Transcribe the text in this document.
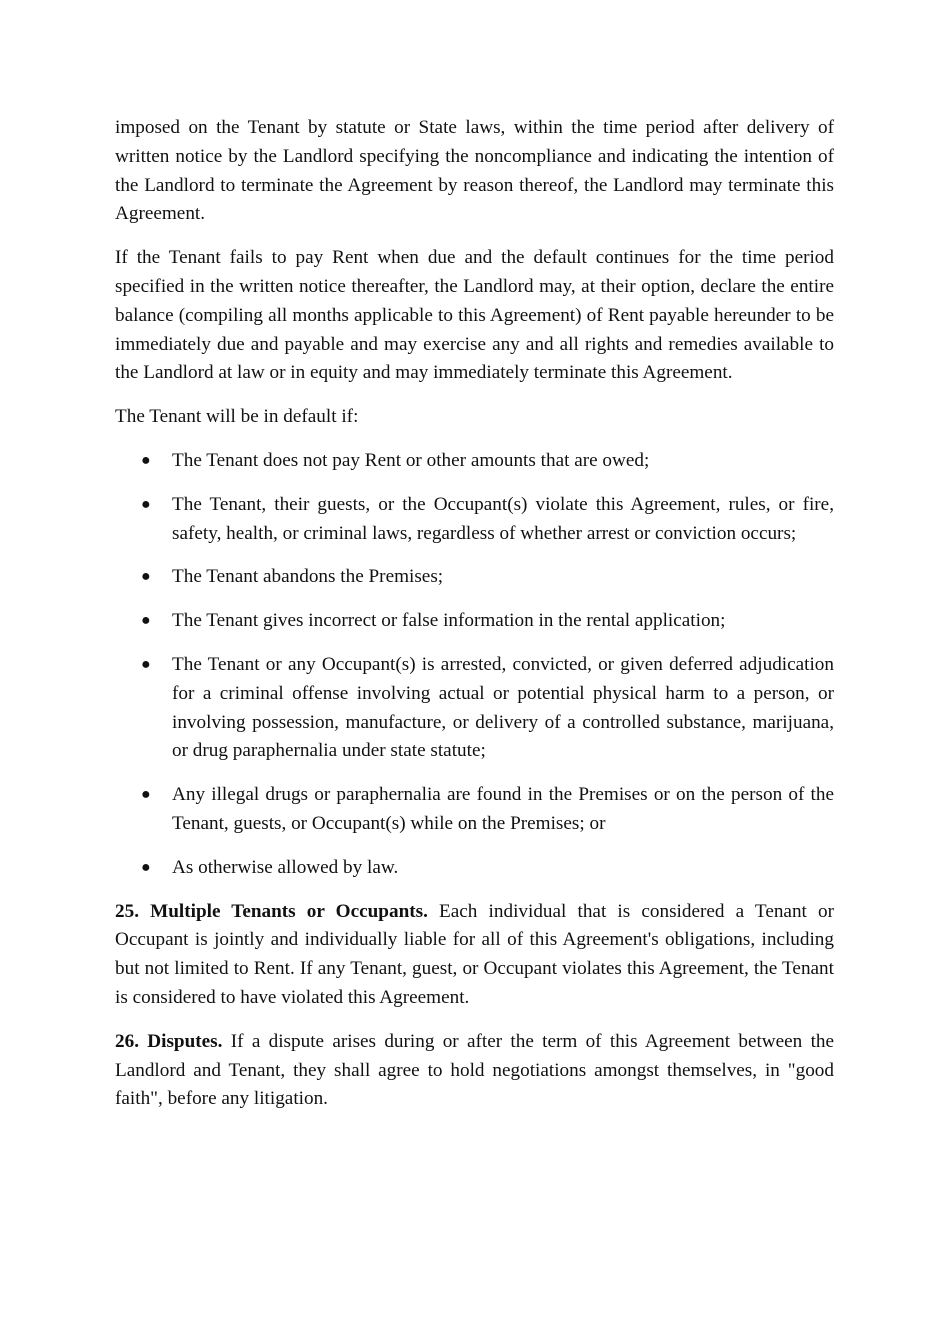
imposed on the Tenant by statute or State laws, within the time period after delivery of written notice by the Landlord specifying the noncompliance and indicating the intention of the Landlord to terminate the Agreement by reason thereof, the Landlord may terminate this Agreement.

If the Tenant fails to pay Rent when due and the default continues for the time period specified in the written notice thereafter, the Landlord may, at their option, declare the entire balance (compiling all months applicable to this Agreement) of Rent payable hereunder to be immediately due and payable and may exercise any and all rights and remedies available to the Landlord at law or in equity and may immediately terminate this Agreement.

The Tenant will be in default if:

● The Tenant does not pay Rent or other amounts that are owed;
● The Tenant, their guests, or the Occupant(s) violate this Agreement, rules, or fire, safety, health, or criminal laws, regardless of whether arrest or conviction occurs;
● The Tenant abandons the Premises;
● The Tenant gives incorrect or false information in the rental application;
● The Tenant or any Occupant(s) is arrested, convicted, or given deferred adjudication for a criminal offense involving actual or potential physical harm to a person, or involving possession, manufacture, or delivery of a controlled substance, marijuana, or drug paraphernalia under state statute;
● Any illegal drugs or paraphernalia are found in the Premises or on the person of the Tenant, guests, or Occupant(s) while on the Premises; or
● As otherwise allowed by law.

25. Multiple Tenants or Occupants. Each individual that is considered a Tenant or Occupant is jointly and individually liable for all of this Agreement's obligations, including but not limited to Rent. If any Tenant, guest, or Occupant violates this Agreement, the Tenant is considered to have violated this Agreement.

26. Disputes. If a dispute arises during or after the term of this Agreement between the Landlord and Tenant, they shall agree to hold negotiations amongst themselves, in "good faith", before any litigation.
